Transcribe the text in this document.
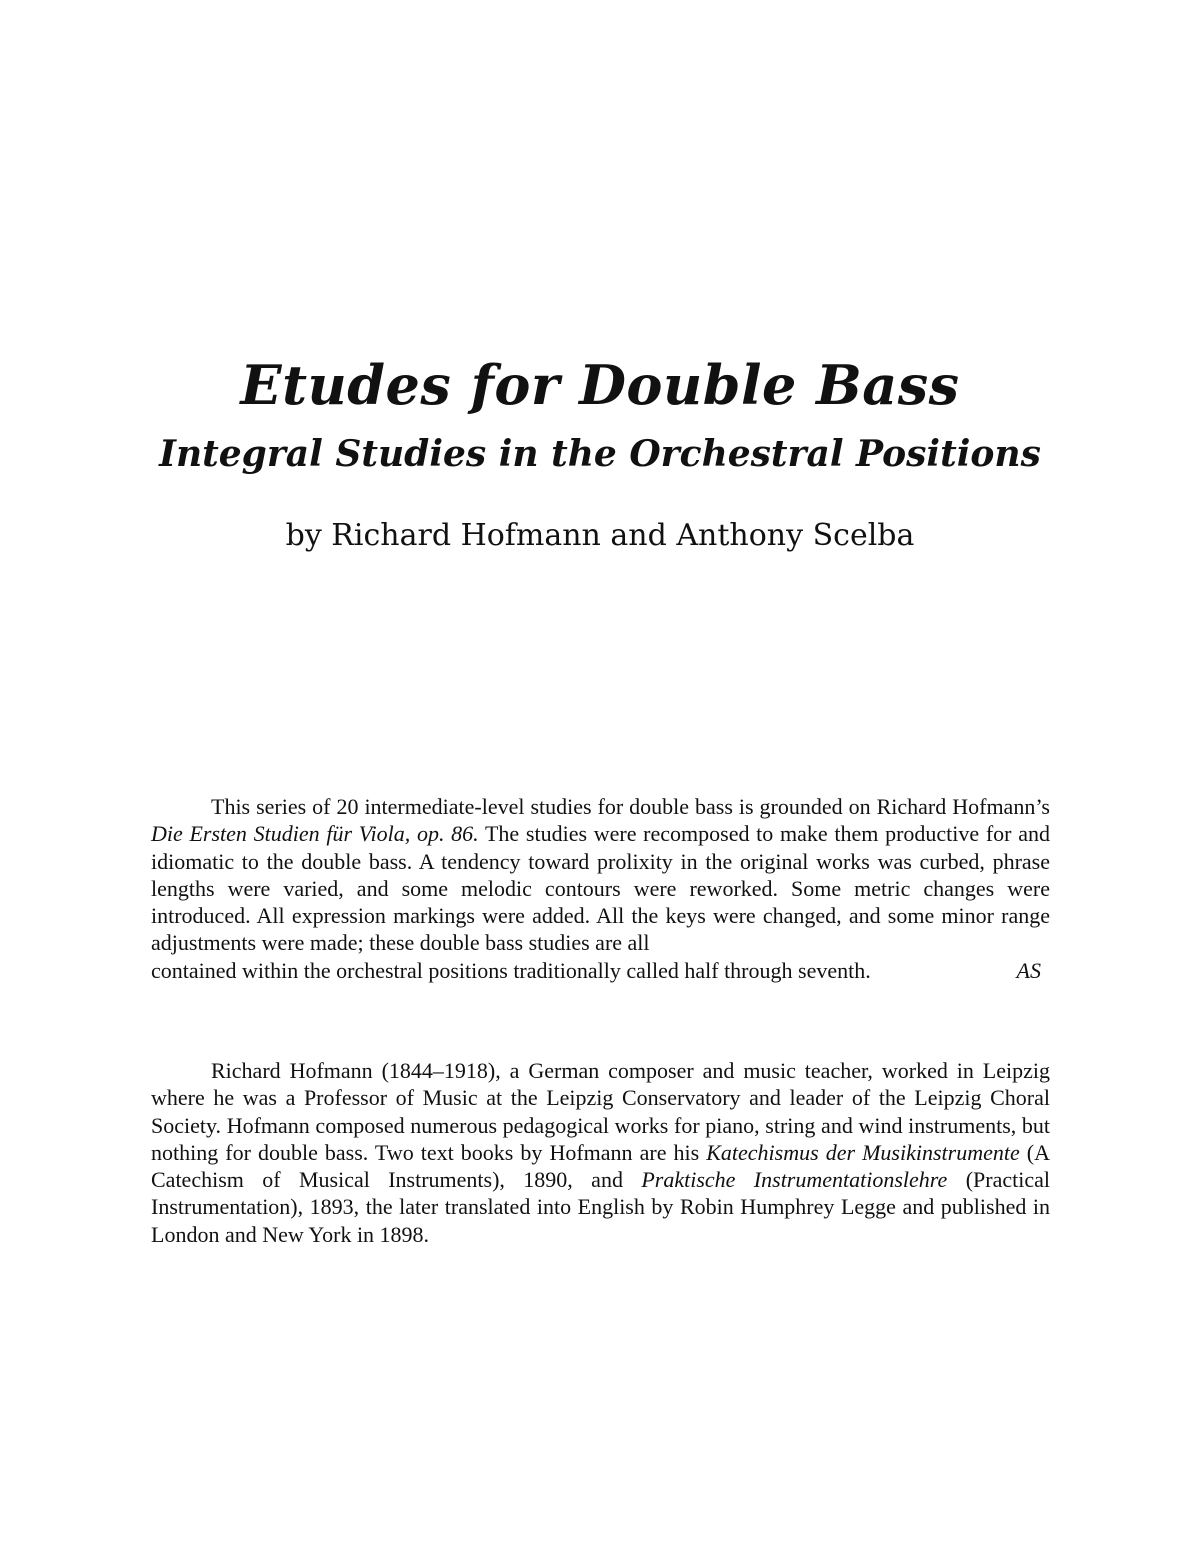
Etudes for Double Bass
Integral Studies in the Orchestral Positions

by Richard Hofmann and Anthony Scelba

This series of 20 intermediate-level studies for double bass is grounded on Richard Hofmann’s Die Ersten Studien für Viola, op. 86. The studies were recomposed to make them productive for and idiomatic to the double bass. A tendency toward prolixity in the original works was curbed, phrase lengths were varied, and some melodic contours were reworked. Some metric changes were introduced. All expression markings were added. All the keys were changed, and some minor range adjustments were made; these double bass studies are all
contained within the orchestral positions traditionally called half through seventh.	AS
Richard Hofmann (1844–1918), a German composer and music teacher, worked in Leipzig where he was a Professor of Music at the Leipzig Conservatory and leader of the Leipzig Choral Society. Hofmann composed numerous pedagogical works for piano, string and wind instruments, but nothing for double bass. Two text books by Hofmann are his Katechismus der Musikinstrumente (A Catechism of Musical Instruments), 1890, and Praktische Instrumentationslehre (Practical Instrumentation), 1893, the later translated into English by Robin Humphrey Legge and published in London and New York in 1898.
